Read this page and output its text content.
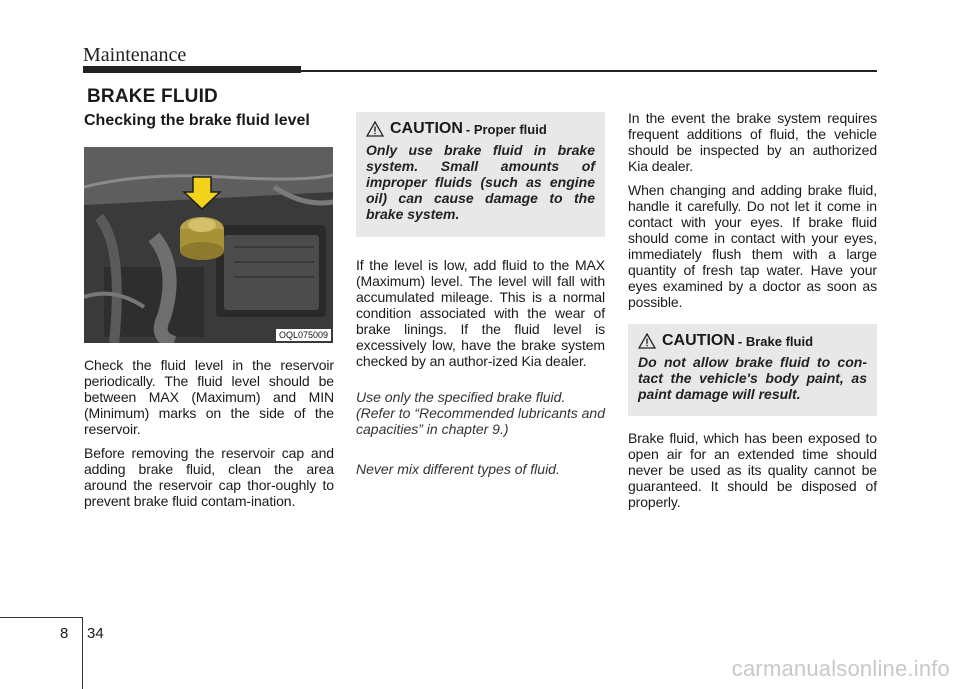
Maintenance
BRAKE FLUID
Checking the brake fluid level
OQL075009

Check the fluid level in the reservoir periodically. The fluid level should be between MAX (Maximum) and MIN (Minimum) marks on the side of the reservoir.

Before removing the reservoir cap and adding brake fluid, clean the area around the reservoir cap thor-oughly to prevent brake fluid contam-ination.

CAUTION - Proper fluid
Only use brake fluid in brake system. Small amounts of improper fluids (such as engine oil) can cause damage to the brake system.

If the level is low, add fluid to the MAX (Maximum) level. The level will fall with accumulated mileage. This is a normal condition associated with the wear of brake linings. If the fluid level is excessively low, have the brake system checked by an author-ized Kia dealer.

Use only the specified brake fluid. (Refer to “Recommended lubricants and capacities” in chapter 9.)

Never mix different types of fluid.

In the event the brake system requires frequent additions of fluid, the vehicle should be inspected by an authorized Kia dealer.

When changing and adding brake fluid, handle it carefully. Do not let it come in contact with your eyes. If brake fluid should come in contact with your eyes, immediately flush them with a large quantity of fresh tap water. Have your eyes examined by a doctor as soon as possible.

CAUTION - Brake fluid
Do not allow brake fluid to con-tact the vehicle's body paint, as paint damage will result.

Brake fluid, which has been exposed to open air for an extended time should never be used as its quality cannot be guaranteed. It should be disposed of properly.

8 34
carmanualsonline.info
